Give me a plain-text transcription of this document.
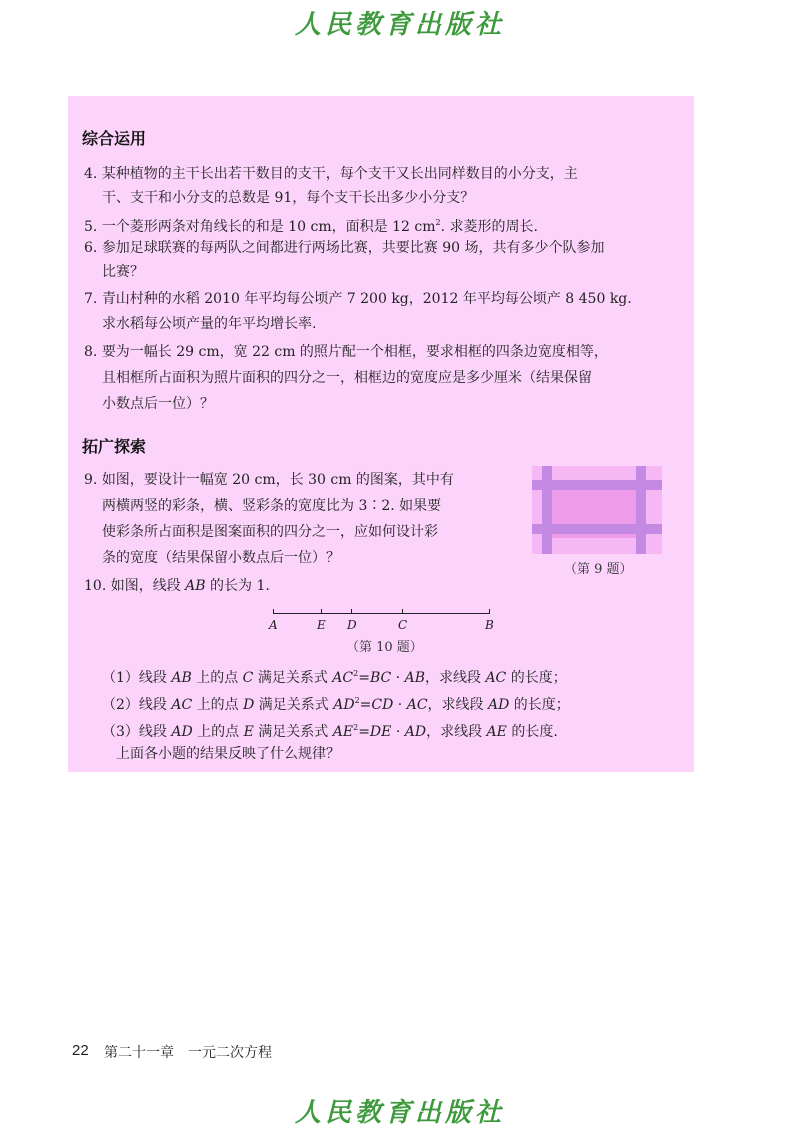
人民教育出版社
综合运用
4. 某种植物的主干长出若干数目的支干，每个支干又长出同样数目的小分支，主
干、支干和小分支的总数是 91，每个支干长出多少小分支？
5. 一个菱形两条对角线长的和是 10 cm，面积是 12 $cm^2$. 求菱形的周长.
6. 参加足球联赛的每两队之间都进行两场比赛，共要比赛 90 场，共有多少个队参加
比赛？
7. 青山村种的水稻 2010 年平均每公顷产 7 200 kg，2012 年平均每公顷产 8 450 kg.
求水稻每公顷产量的年平均增长率.
8. 要为一幅长 29 cm，宽 22 cm 的照片配一个相框，要求相框的四条边宽度相等，
且相框所占面积为照片面积的四分之一，相框边的宽度应是多少厘米（结果保留
小数点后一位）？
拓广探索
9. 如图，要设计一幅宽 20 cm，长 30 cm 的图案，其中有
两横两竖的彩条，横、竖彩条的宽度比为 3∶2. 如果要
使彩条所占面积是图案面积的四分之一，应如何设计彩
条的宽度（结果保留小数点后一位）？
（第 9 题）
10. 如图，线段 AB 的长为 1.
A	E D	C	B
（第 10 题）
（1）线段 AB 上的点 C 满足关系式 $AC^2=BC$ · AB，求线段 AC 的长度；
（2）线段 AC 上的点 D 满足关系式 $AD^2=CD$ · AC，求线段 AD 的长度；
（3）线段 AD 上的点 E 满足关系式 $AE^2=DE$ · AD，求线段 AE 的长度.
上面各小题的结果反映了什么规律？
22 第二十一章　一元二次方程
人民教育出版社
